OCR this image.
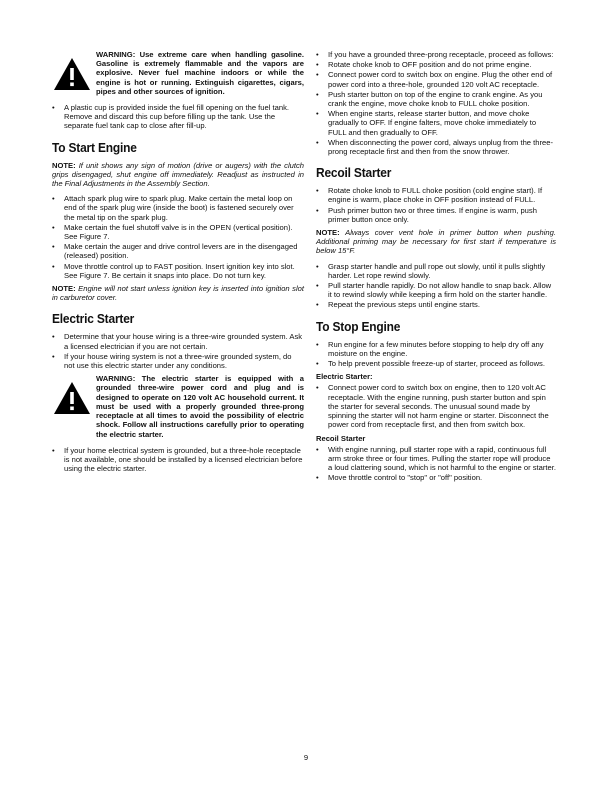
WARNING: Use extreme care when handling gasoline. Gasoline is extremely flammable and the vapors are explosive. Never fuel machine indoors or while the engine is hot or running. Extinguish cigarettes, cigars, pipes and other sources of ignition.
• A plastic cup is provided inside the fuel fill opening on the fuel tank. Remove and discard this cup before filling up the tank. Use the separate fuel tank cap to close after fill-up.
To Start Engine

NOTE: If unit shows any sign of motion (drive or augers) with the clutch grips disengaged, shut engine off immediately. Readjust as instructed in the Final Adjustments in the Assembly Section.

• Attach spark plug wire to spark plug. Make certain the metal loop on end of the spark plug wire (inside the boot) is fastened securely over the metal tip on the spark plug.
• Make certain the fuel shutoff valve is in the OPEN (vertical position). See Figure 7.
• Make certain the auger and drive control levers are in the disengaged (released) position.
• Move throttle control up to FAST position. Insert ignition key into slot. See Figure 7. Be certain it snaps into place. Do not turn key.

NOTE: Engine will not start unless ignition key is inserted into ignition slot in carburetor cover.

Electric Starter
• Determine that your house wiring is a three-wire grounded system. Ask a licensed electrician if you are not certain.
• If your house wiring system is not a three-wire grounded system, do not use this electric starter under any conditions.
WARNING: The electric starter is equipped with a grounded three-wire power cord and plug and is designed to operate on 120 volt AC household current. It must be used with a properly grounded three-prong receptacle at all times to avoid the possibility of electric shock. Follow all instructions carefully prior to operating the electric starter.
• If your home electrical system is grounded, but a three-hole receptacle is not available, one should be installed by a licensed electrician before using the electric starter.
• If you have a grounded three-prong receptacle, proceed as follows:
• Rotate choke knob to OFF position and do not prime engine.
• Connect power cord to switch box on engine. Plug the other end of power cord into a three-hole, grounded 120 volt AC receptacle.
• Push starter button on top of the engine to crank engine. As you crank the engine, move choke knob to FULL choke position.
• When engine starts, release starter button, and move choke gradually to OFF. If engine falters, move choke immediately to FULL and then gradually to OFF.
• When disconnecting the power cord, always unplug from the three-prong receptacle first and then from the snow thrower.
Recoil Starter
• Rotate choke knob to FULL choke position (cold engine start). If engine is warm, place choke in OFF position instead of FULL.
• Push primer button two or three times. If engine is warm, push primer button once only.

NOTE: Always cover vent hole in primer button when pushing. Additional priming may be necessary for first start if temperature is below 15°F.

• Grasp starter handle and pull rope out slowly, until it pulls slightly harder. Let rope rewind slowly.
• Pull starter handle rapidly. Do not allow handle to snap back. Allow it to rewind slowly while keeping a firm hold on the starter handle.
• Repeat the previous steps until engine starts.
To Stop Engine
• Run engine for a few minutes before stopping to help dry off any moisture on the engine.
• To help prevent possible freeze-up of starter, proceed as follows.
Electric Starter:
• Connect power cord to switch box on engine, then to 120 volt AC receptacle. With the engine running, push starter button and spin the starter for several seconds. The unusual sound made by spinning the starter will not harm engine or starter. Disconnect the power cord from receptacle first, and then from switch box.
Recoil Starter
• With engine running, pull starter rope with a rapid, continuous full arm stroke three or four times. Pulling the starter rope will produce a loud clattering sound, which is not harmful to the engine or starter.
• Move throttle control to "stop" or "off" position.
9
